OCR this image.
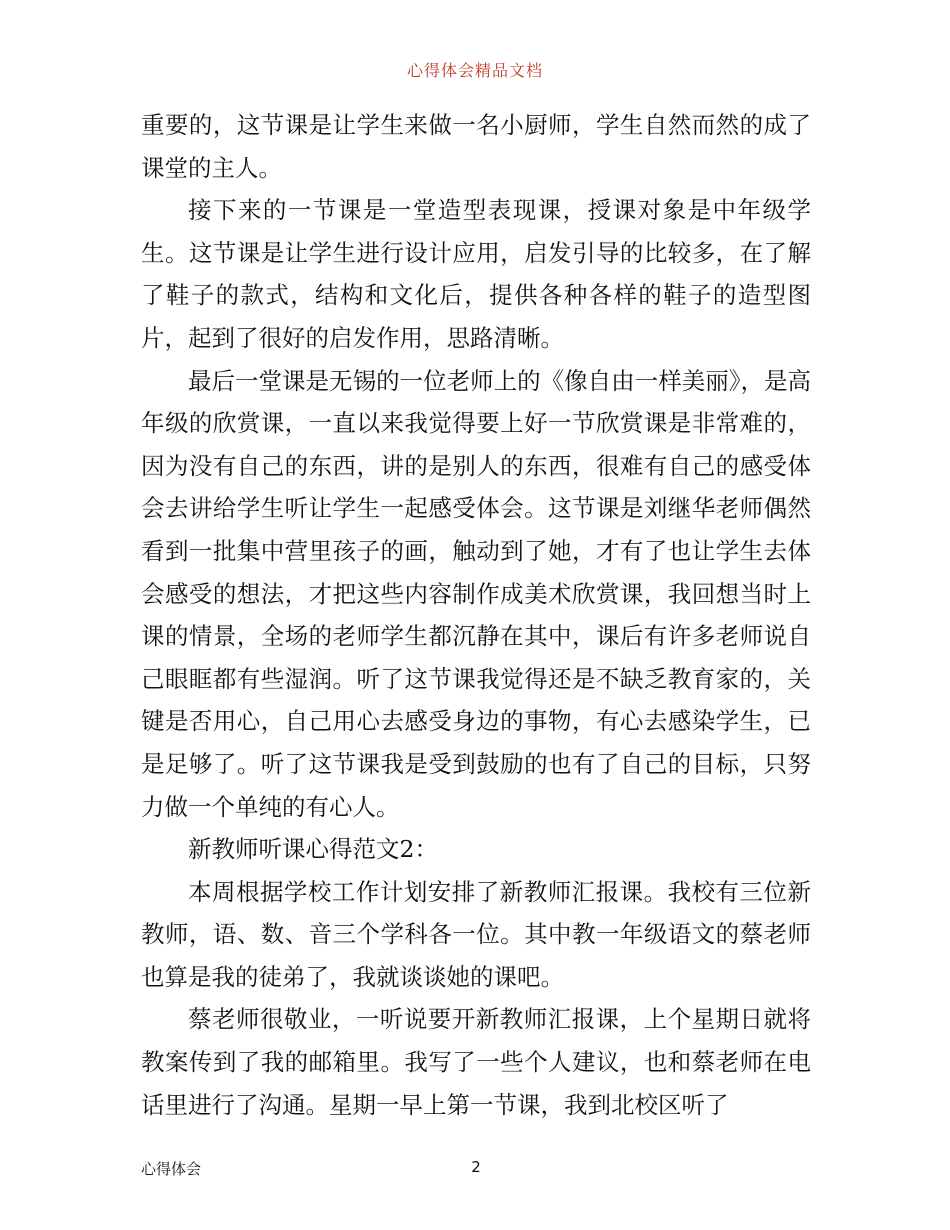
心得体会精品文档

重要的，这节课是让学生来做一名小厨师，学生自然而然的成了课堂的主人。

接下来的一节课是一堂造型表现课，授课对象是中年级学生。这节课是让学生进行设计应用，启发引导的比较多，在了解了鞋子的款式，结构和文化后，提供各种各样的鞋子的造型图片，起到了很好的启发作用，思路清晰。

最后一堂课是无锡的一位老师上的《像自由一样美丽》，是高年级的欣赏课，一直以来我觉得要上好一节欣赏课是非常难的，因为没有自己的东西，讲的是别人的东西，很难有自己的感受体会去讲给学生听让学生一起感受体会。这节课是刘继华老师偶然看到一批集中营里孩子的画，触动到了她，才有了也让学生去体会感受的想法，才把这些内容制作成美术欣赏课，我回想当时上课的情景，全场的老师学生都沉静在其中，课后有许多老师说自己眼眶都有些湿润。听了这节课我觉得还是不缺乏教育家的，关键是否用心，自己用心去感受身边的事物，有心去感染学生，已是足够了。听了这节课我是受到鼓励的也有了自己的目标，只努力做一个单纯的有心人。

新教师听课心得范文2：

本周根据学校工作计划安排了新教师汇报课。我校有三位新教师，语、数、音三个学科各一位。其中教一年级语文的蔡老师也算是我的徒弟了，我就谈谈她的课吧。

蔡老师很敬业，一听说要开新教师汇报课，上个星期日就将教案传到了我的邮箱里。我写了一些个人建议，也和蔡老师在电话里进行了沟通。星期一早上第一节课，我到北校区听了

心得体会	2
